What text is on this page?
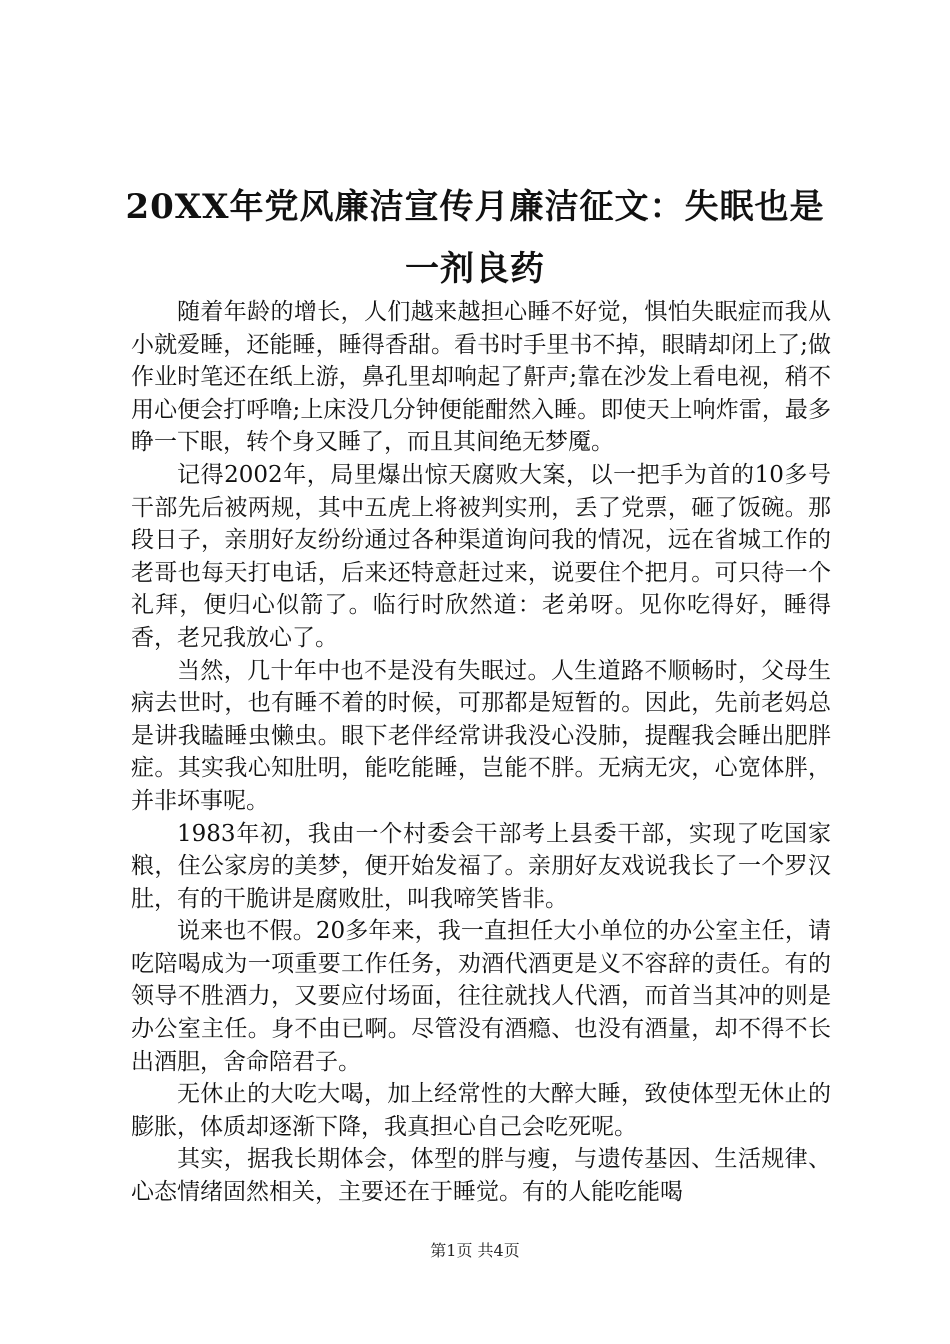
20XX年党风廉洁宣传月廉洁征文：失眠也是一剂良药

随着年龄的增长，人们越来越担心睡不好觉，惧怕失眠症而我从小就爱睡，还能睡，睡得香甜。看书时手里书不掉，眼睛却闭上了;做作业时笔还在纸上游，鼻孔里却响起了鼾声;靠在沙发上看电视，稍不用心便会打呼噜;上床没几分钟便能酣然入睡。即使天上响炸雷，最多睁一下眼，转个身又睡了，而且其间绝无梦魇。

记得2002年，局里爆出惊天腐败大案，以一把手为首的10多号干部先后被两规，其中五虎上将被判实刑，丢了党票，砸了饭碗。那段日子，亲朋好友纷纷通过各种渠道询问我的情况，远在省城工作的老哥也每天打电话，后来还特意赶过来，说要住个把月。可只待一个礼拜，便归心似箭了。临行时欣然道：老弟呀。见你吃得好，睡得香，老兄我放心了。

当然，几十年中也不是没有失眠过。人生道路不顺畅时，父母生病去世时，也有睡不着的时候，可那都是短暂的。因此，先前老妈总是讲我瞌睡虫懒虫。眼下老伴经常讲我没心没肺，提醒我会睡出肥胖症。其实我心知肚明，能吃能睡，岂能不胖。无病无灾，心宽体胖，并非坏事呢。

1983年初，我由一个村委会干部考上县委干部，实现了吃国家粮，住公家房的美梦，便开始发福了。亲朋好友戏说我长了一个罗汉肚，有的干脆讲是腐败肚，叫我啼笑皆非。

说来也不假。20多年来，我一直担任大小单位的办公室主任，请吃陪喝成为一项重要工作任务，劝酒代酒更是义不容辞的责任。有的领导不胜酒力，又要应付场面，往往就找人代酒，而首当其冲的则是办公室主任。身不由已啊。尽管没有酒瘾、也没有酒量，却不得不长出酒胆，舍命陪君子。

无休止的大吃大喝，加上经常性的大醉大睡，致使体型无休止的膨胀，体质却逐渐下降，我真担心自己会吃死呢。

其实，据我长期体会，体型的胖与瘦，与遗传基因、生活规律、心态情绪固然相关，主要还在于睡觉。有的人能吃能喝

第1页 共4页
